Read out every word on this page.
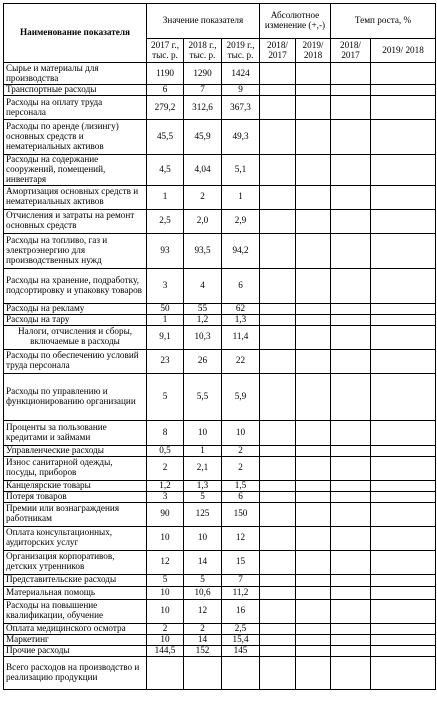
Наименование показателя	Значение показателя			Абсолютное изменение (+,-)		Темп роста, %	
	2017 г., тыс. р.	2018 г., тыс. р.	2019 г., тыс. р.	2018/ 2017	2019/ 2018	2018/ 2017	2019/ 2018
Сырье и материалы для производства	1190	1290	1424				
Транспортные расходы	6	7	9				
Расходы на оплату труда персонала	279,2	312,6	367,3				
Расходы по аренде (лизингу) основных средств и нематериальных активов	45,5	45,9	49,3				
Расходы на содержание сооружений, помещений, инвентаря	4,5	4,04	5,1				
Амортизация основных средств и нематериальных активов	1	2	1				
Отчисления и затраты на ремонт основных средств	2,5	2,0	2,9				
Расходы на топливо, газ и электроэнергию для производственных нужд	93	93,5	94,2				
Расходы на хранение, подработку, подсортировку и упаковку товаров	3	4	6				
Расходы на рекламу	50	55	62				
Расходы на тару	1	1,2	1,3				
Налоги, отчисления и сборы, включаемые в расходы	9,1	10,3	11,4				
Расходы по обеспечению условий труда персонала	23	26	22				
Расходы по управлению и функционированию организации	5	5,5	5,9				
Проценты за пользование кредитами и займами	8	10	10				
Управленческие расходы	0,5	1	2				
Износ санитарной одежды, посуды, приборов	2	2,1	2				
Канцелярские товары	1,2	1,3	1,5				
Потеря товаров	3	5	6				
Премии или вознаграждения работникам	90	125	150				
Оплата консультационных, аудиторских услуг	10	10	12				
Организация корпоративов, детских утренников	12	14	15				
Представительские расходы	5	5	7				
Материальная помощь	10	10,6	11,2				
Расходы на повышение квалификации, обучение	10	12	16				
Оплата медицинского осмотра	2	2	2,5				
Маркетинг	10	14	15,4				
Прочие расходы	144,5	152	145				
Всего расходов на производство и реализацию продукции							
